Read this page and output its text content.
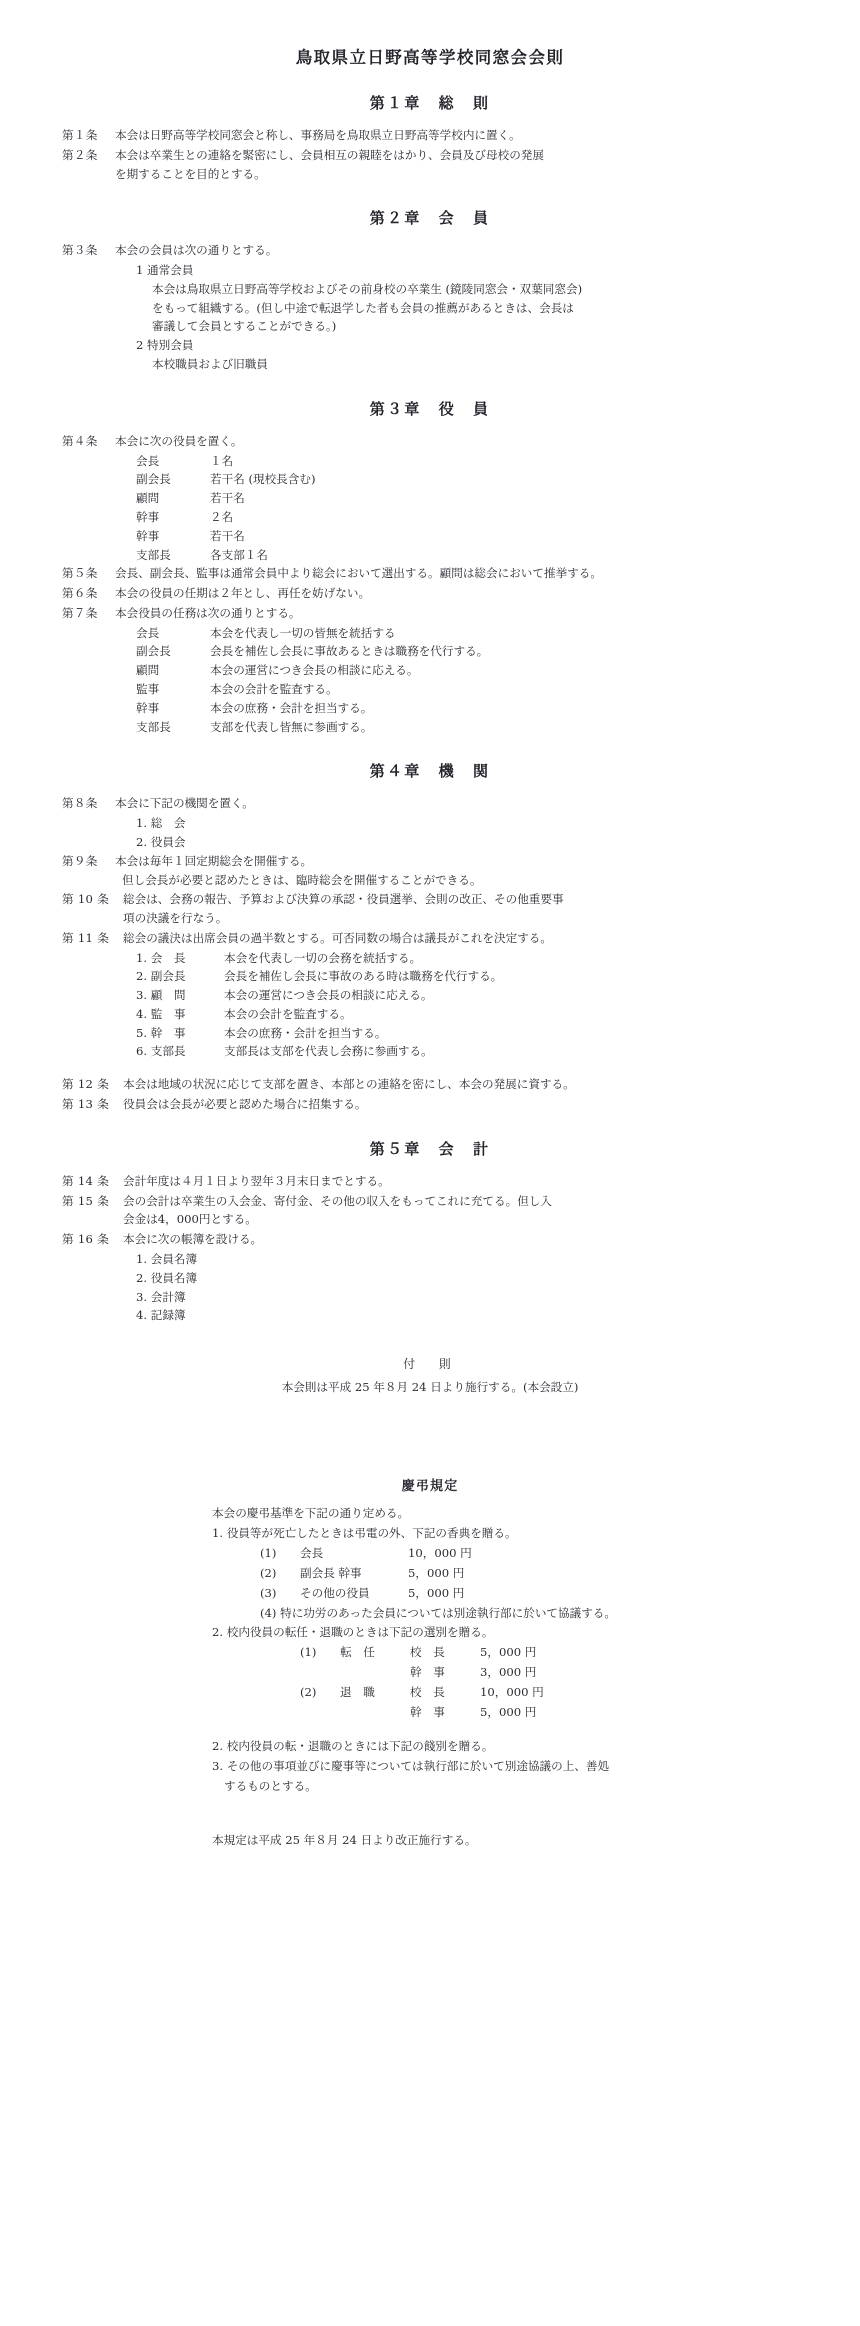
鳥取県立日野高等学校同窓会会則
第１章　総　則
第１条	本会は日野高等学校同窓会と称し、事務局を鳥取県立日野高等学校内に置く。
第２条	本会は卒業生との連絡を緊密にし、会員相互の親睦をはかり、会員及び母校の発展
を期することを目的とする。
第２章　会　員
第３条	本会の会員は次の通りとする。
1 通常会員
本会は鳥取県立日野高等学校およびその前身校の卒業生 (鏡陵同窓会・双葉同窓会)
をもって組織する。(但し中途で転退学した者も会員の推薦があるときは、会長は
審議して会員とすることができる。)
2 特別会員
本校職員および旧職員
第３章　役　員
第４条	本会に次の役員を置く。
会長	１名
副会長	若干名 (現校長含む)
顧問	若干名
幹事	２名
幹事	若干名
支部長	各支部１名
第５条	会長、副会長、監事は通常会員中より総会において選出する。顧問は総会において推挙する。
第６条	本会の役員の任期は２年とし、再任を妨げない。
第７条	本会役員の任務は次の通りとする。
会長	本会を代表し一切の皆無を統括する
副会長	会長を補佐し会長に事故あるときは職務を代行する。
顧問	本会の運営につき会長の相談に応える。
監事	本会の会計を監査する。
幹事	本会の庶務・会計を担当する。
支部長	支部を代表し皆無に参画する。
第４章　機　関
第８条	本会に下記の機関を置く。
1. 総　会
2. 役員会
第９条	本会は毎年１回定期総会を開催する。
但し会長が必要と認めたときは、臨時総会を開催することができる。
第 10 条	総会は、会務の報告、予算および決算の承認・役員選挙、会則の改正、その他重要事
項の決議を行なう。
第 11 条	総会の議決は出席会員の過半数とする。可否同数の場合は議長がこれを決定する。
1. 会　長	本会を代表し一切の会務を統括する。
2. 副会長	会長を補佐し会長に事故のある時は職務を代行する。
3. 顧　問	本会の運営につき会長の相談に応える。
4. 監　事	本会の会計を監査する。
5. 幹　事	本会の庶務・会計を担当する。
6. 支部長	支部長は支部を代表し会務に参画する。
第 12 条	本会は地域の状況に応じて支部を置き、本部との連絡を密にし、本会の発展に資する。
第 13 条	役員会は会長が必要と認めた場合に招集する。
第５章　会　計
第 14 条	会計年度は４月１日より翌年３月末日までとする。
第 15 条	会の会計は卒業生の入会金、寄付金、その他の収入をもってこれに充てる。但し入
会金は4，000円とする。
第 16 条	本会に次の帳簿を設ける。
1. 会員名簿
2. 役員名簿
3. 会計簿
4. 記録簿
付　則
本会則は平成 25 年８月 24 日より施行する。(本会設立)
慶弔規定
本会の慶弔基準を下記の通り定める。
1. 役員等が死亡したときは弔電の外、下記の香典を贈る。
(1)	会長	10，000 円
(2)	副会長 幹事	5，000 円
(3)	その他の役員	5，000 円
(4) 特に功労のあった会員については別途執行部に於いて協議する。
2. 校内役員の転任・退職のときは下記の選別を贈る。
(1)	転　任	校　長	5，000 円
幹　事	3，000 円
(2)	退　職	校　長	10，000 円
幹　事	5，000 円
2. 校内役員の転・退職のときには下記の餞別を贈る。
3. その他の事項並びに慶事等については執行部に於いて別途協議の上、善処
するものとする。
本規定は平成 25 年８月 24 日より改正施行する。
